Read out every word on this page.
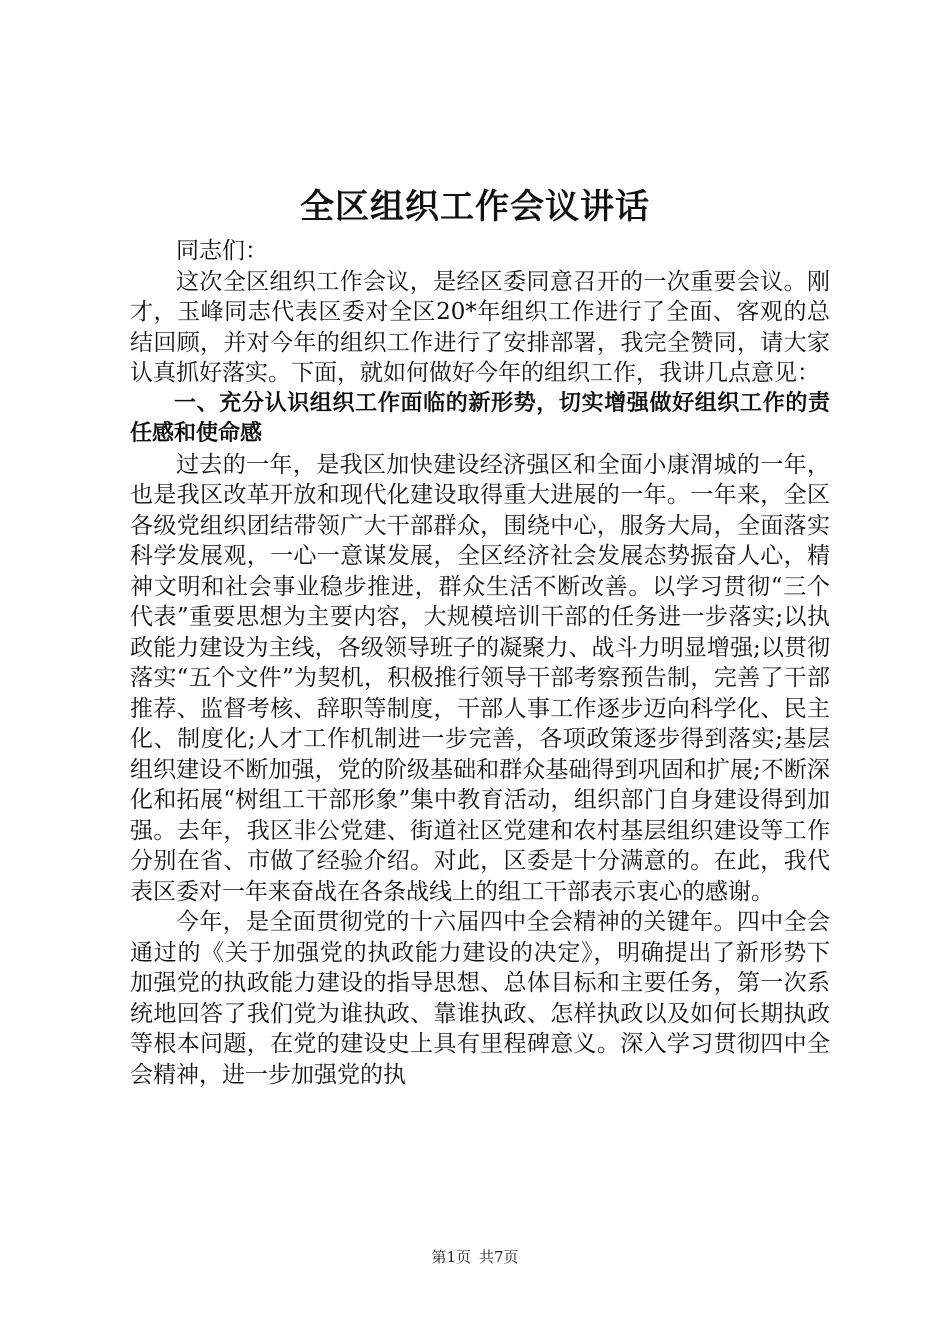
全区组织工作会议讲话

同志们：

这次全区组织工作会议，是经区委同意召开的一次重要会议。刚才，玉峰同志代表区委对全区20*年组织工作进行了全面、客观的总结回顾，并对今年的组织工作进行了安排部署，我完全赞同，请大家认真抓好落实。下面，就如何做好今年的组织工作，我讲几点意见：

一、充分认识组织工作面临的新形势，切实增强做好组织工作的责任感和使命感

过去的一年，是我区加快建设经济强区和全面小康渭城的一年，也是我区改革开放和现代化建设取得重大进展的一年。一年来，全区各级党组织团结带领广大干部群众，围绕中心，服务大局，全面落实科学发展观，一心一意谋发展，全区经济社会发展态势振奋人心，精神文明和社会事业稳步推进，群众生活不断改善。以学习贯彻“三个代表”重要思想为主要内容，大规模培训干部的任务进一步落实;以执政能力建设为主线，各级领导班子的凝聚力、战斗力明显增强;以贯彻落实“五个文件”为契机，积极推行领导干部考察预告制，完善了干部推荐、监督考核、辞职等制度，干部人事工作逐步迈向科学化、民主化、制度化;人才工作机制进一步完善，各项政策逐步得到落实;基层组织建设不断加强，党的阶级基础和群众基础得到巩固和扩展;不断深化和拓展“树组工干部形象”集中教育活动，组织部门自身建设得到加强。去年，我区非公党建、街道社区党建和农村基层组织建设等工作分别在省、市做了经验介绍。对此，区委是十分满意的。在此，我代表区委对一年来奋战在各条战线上的组工干部表示衷心的感谢。

今年，是全面贯彻党的十六届四中全会精神的关键年。四中全会通过的《关于加强党的执政能力建设的决定》，明确提出了新形势下加强党的执政能力建设的指导思想、总体目标和主要任务，第一次系统地回答了我们党为谁执政、靠谁执政、怎样执政以及如何长期执政等根本问题，在党的建设史上具有里程碑意义。深入学习贯彻四中全会精神，进一步加强党的执

第1页 共7页
